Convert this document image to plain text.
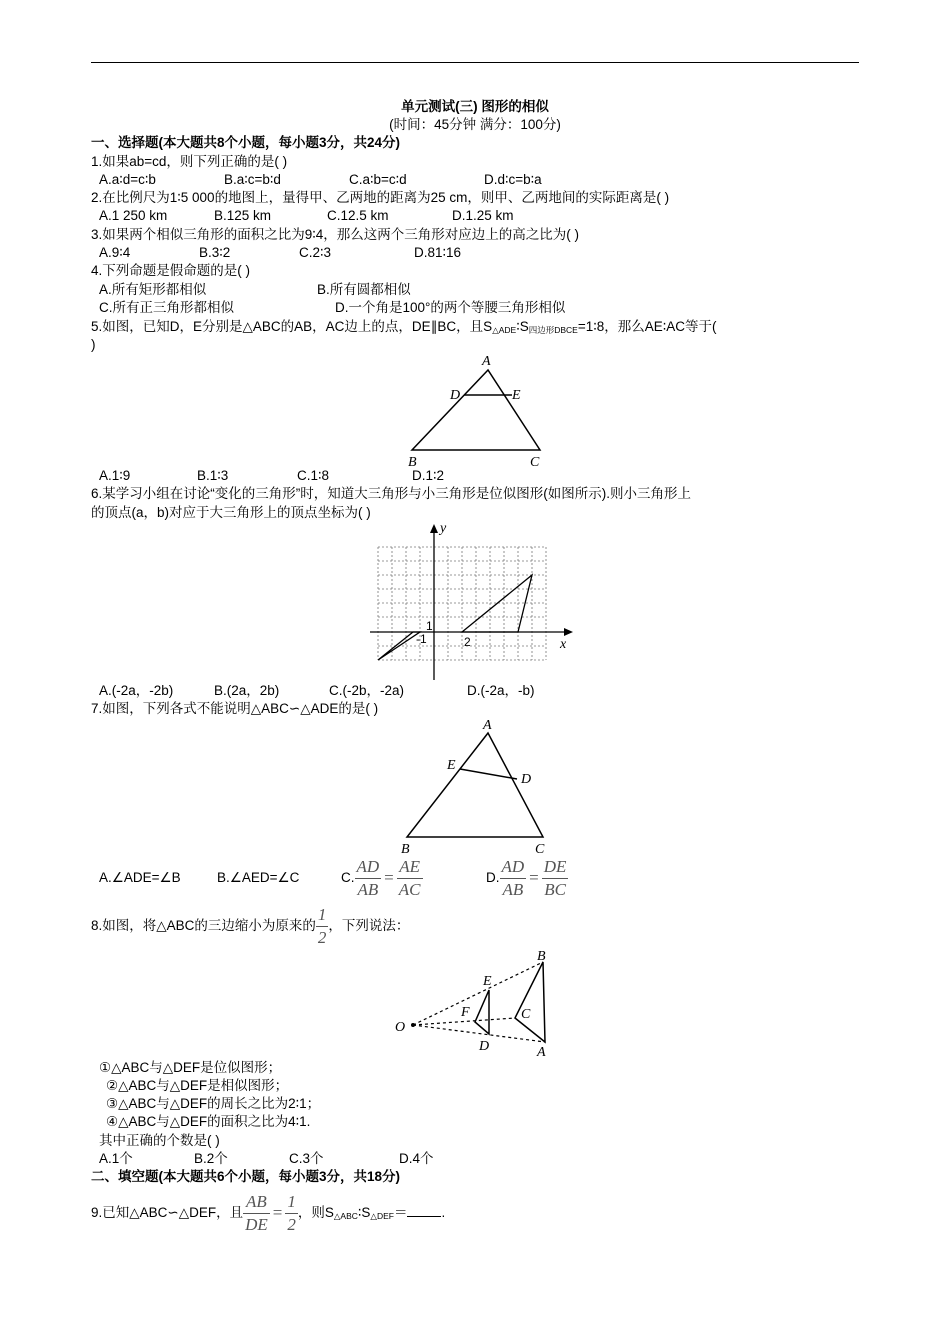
单元测试(三) 图形的相似
(时间：45分钟 满分：100分)
一、选择题(本大题共8个小题，每小题3分，共24分)
1.如果ab=cd，则下列正确的是( )
A.a∶d=c∶b	B.a∶c=b∶d	C.a∶b=c∶d	D.d∶c=b∶a
2.在比例尺为1∶5 000的地图上，量得甲、乙两地的距离为25 cm，则甲、乙两地间的实际距离是( )
A.1 250 km	B.125 km	C.12.5 km	D.1.25 km
3.如果两个相似三角形的面积之比为9∶4，那么这两个三角形对应边上的高之比为( )
A.9∶4	B.3∶2	C.2∶3	D.81∶16
4.下列命题是假命题的是( )
A.所有矩形都相似	B.所有圆都相似
C.所有正三角形都相似	D.一个角是100°的两个等腰三角形相似
5.如图，已知D，E分别是△ABC的AB，AC边上的点，DE∥BC，且$S_{\triangle ADE}∶S_{四边形DBCE}=1∶8$，那么AE∶AC等于(
)
A
D	E
B	C
A.1∶9	B.1∶3	C.1∶8	D.1∶2
6.某学习小组在讨论“变化的三角形”时，知道大三角形与小三角形是位似图形(如图所示).则小三角形上
的顶点(a，b)对应于大三角形上的顶点坐标为( )
y
x
1
-1	2
A.(-2a，-2b)	B.(2a，2b)	C.(-2b，-2a)	D.(-2a，-b)
7.如图，下列各式不能说明△ABC∽△ADE的是( )
A
E
D
B	C
A.∠ADE=∠B	B.∠AED=∠C	C. $\frac{AD}{AB} = \frac{AE}{AC}$	D. $\frac{AD}{AB} = \frac{DE}{BC}$
8.如图，将△ABC的三边缩小为原来的 $\frac{1}{2}$ ，下列说法：
O
B
C
A
E
F
D
①△ABC与△DEF是位似图形；
②△ABC与△DEF是相似图形；
③△ABC与△DEF的周长之比为2∶1；
④△ABC与△DEF的面积之比为4∶1.
其中正确的个数是( )
A.1个	B.2个	C.3个	D.4个
二、填空题(本大题共6个小题，每小题3分，共18分)
9.已知△ABC∽△DEF，且 $\frac{AB}{DE} = \frac{1}{2}$ ，则$S_{\triangle ABC}∶S_{\triangle DEF}=$	.
